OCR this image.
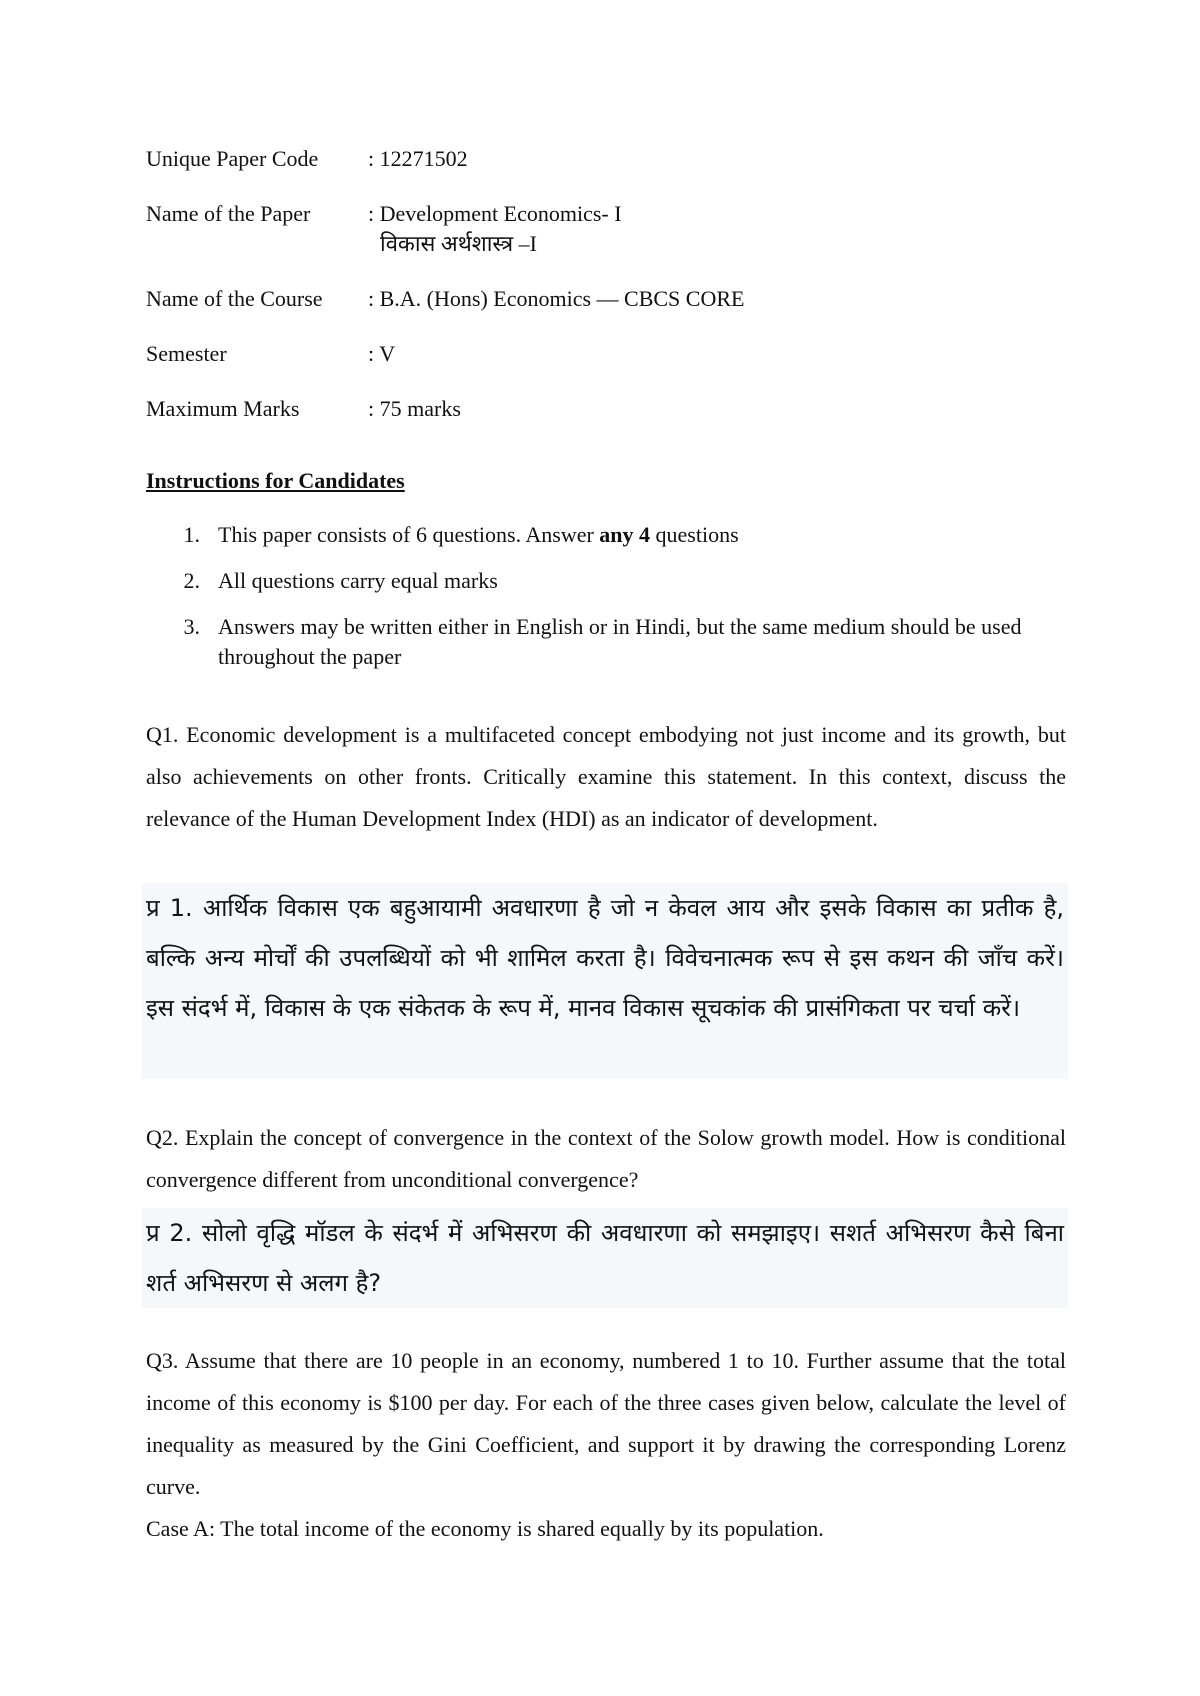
Unique Paper Code	: 12271502
Name of the Paper	: Development Economics- I
विकास अर्थशास्त्र –I
Name of the Course	: B.A. (Hons) Economics — CBCS CORE
Semester	: V
Maximum Marks	: 75 marks
Instructions for Candidates
1. This paper consists of 6 questions. Answer any 4 questions
2. All questions carry equal marks
3. Answers may be written either in English or in Hindi, but the same medium should be used throughout the paper
Q1. Economic development is a multifaceted concept embodying not just income and its growth, but also achievements on other fronts. Critically examine this statement. In this context, discuss the relevance of the Human Development Index (HDI) as an indicator of development.
प्र 1. आर्थिक विकास एक बहुआयामी अवधारणा है जो न केवल आय और इसके विकास का प्रतीक है, बल्कि अन्य मोर्चों की उपलब्धियों को भी शामिल करता है। विवेचनात्मक रूप से इस कथन की जाँच करें। इस संदर्भ में, विकास के एक संकेतक के रूप में, मानव विकास सूचकांक की प्रासंगिकता पर चर्चा करें।
Q2. Explain the concept of convergence in the context of the Solow growth model. How is conditional convergence different from unconditional convergence?
प्र 2. सोलो वृद्धि मॉडल के संदर्भ में अभिसरण की अवधारणा को समझाइए। सशर्त अभिसरण कैसे बिना शर्त अभिसरण से अलग है?
Q3. Assume that there are 10 people in an economy, numbered 1 to 10. Further assume that the total income of this economy is $100 per day. For each of the three cases given below, calculate the level of inequality as measured by the Gini Coefficient, and support it by drawing the corresponding Lorenz curve.
Case A: The total income of the economy is shared equally by its population.
